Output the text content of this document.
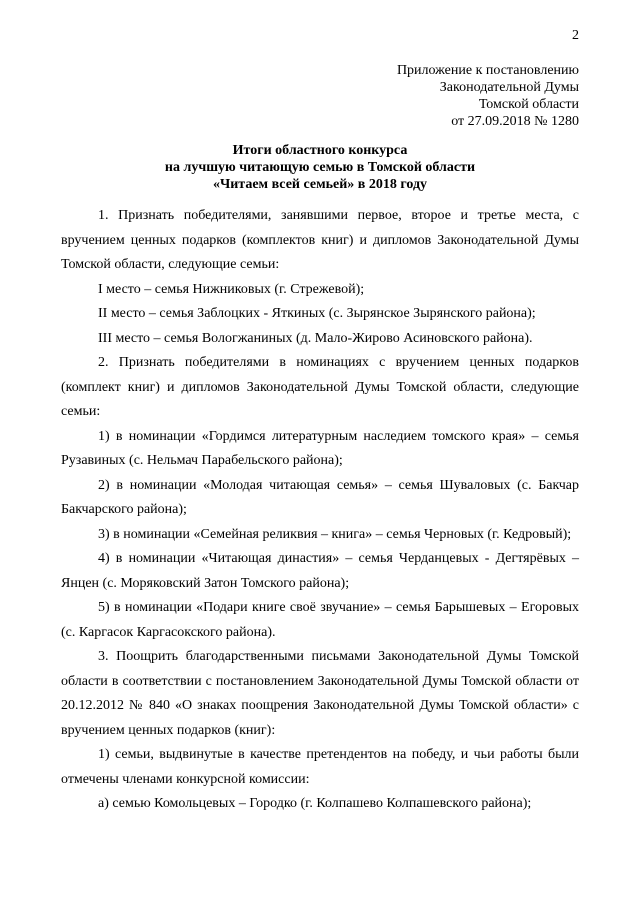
2
Приложение к постановлению
Законодательной Думы
Томской области
от 27.09.2018 № 1280
Итоги областного конкурса
на лучшую читающую семью в Томской области
«Читаем всей семьей» в 2018 году
1. Признать победителями, занявшими первое, второе и третье места, с вручением ценных подарков (комплектов книг) и дипломов Законодательной Думы Томской области, следующие семьи:
I место – семья Нижниковых (г. Стрежевой);
II место – семья Заблоцких - Яткиных (с. Зырянское Зырянского района);
III место – семья Вологжаниных (д. Мало-Жирово Асиновского района).
2. Признать победителями в номинациях с вручением ценных подарков (комплект книг) и дипломов Законодательной Думы Томской области, следующие семьи:
1) в номинации «Гордимся литературным наследием томского края» – семья Рузавиных (с. Нельмач Парабельского района);
2) в номинации «Молодая читающая семья» – семья Шуваловых (с. Бакчар Бакчарского района);
3) в номинации «Семейная реликвия – книга» – семья Черновых (г. Кедровый);
4) в номинации «Читающая династия» – семья Черданцевых - Дегтярёвых – Янцен (с. Моряковский Затон Томского района);
5) в номинации «Подари книге своё звучание» – семья Барышевых – Егоровых (с. Каргасок Каргасокского района).
3. Поощрить благодарственными письмами Законодательной Думы Томской области в соответствии с постановлением Законодательной Думы Томской области от 20.12.2012 № 840 «О знаках поощрения Законодательной Думы Томской области» с вручением ценных подарков (книг):
1) семьи, выдвинутые в качестве претендентов на победу, и чьи работы были отмечены членами конкурсной комиссии:
а) семью Комольцевых – Городко (г. Колпашево Колпашевского района);
